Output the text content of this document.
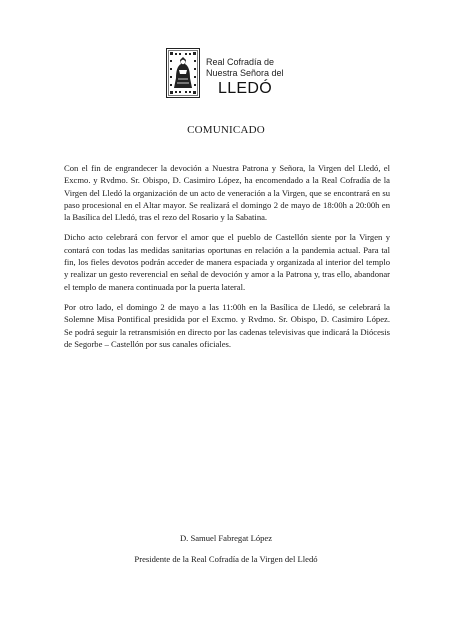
Real Cofradía de
Nuestra Señora del
LLEDÓ
COMUNICADO

Con el fin de engrandecer la devoción a Nuestra Patrona y Señora, la Virgen del Lledó, el Excmo. y Rvdmo. Sr. Obispo, D. Casimiro López, ha encomendado a la Real Cofradía de la Virgen del Lledó la organización de un acto de veneración a la Virgen, que se encontrará en su paso procesional en el Altar mayor. Se realizará el domingo 2 de mayo de 18:00h a 20:00h en la Basílica del Lledó, tras el rezo del Rosario y la Sabatina.

Dicho acto celebrará con fervor el amor que el pueblo de Castellón siente por la Virgen y contará con todas las medidas sanitarias oportunas en relación a la pandemia actual. Para tal fin, los fieles devotos podrán acceder de manera espaciada y organizada al interior del templo y realizar un gesto reverencial en señal de devoción y amor a la Patrona y, tras ello, abandonar el templo de manera continuada por la puerta lateral.

Por otro lado, el domingo 2 de mayo a las 11:00h en la Basílica de Lledó, se celebrará la Solemne Misa Pontifical presidida por el Excmo. y Rvdmo. Sr. Obispo, D. Casimiro López. Se podrá seguir la retransmisión en directo por las cadenas televisivas que indicará la Diócesis de Segorbe – Castellón por sus canales oficiales.

D. Samuel Fabregat López
Presidente de la Real Cofradía de la Virgen del Lledó
